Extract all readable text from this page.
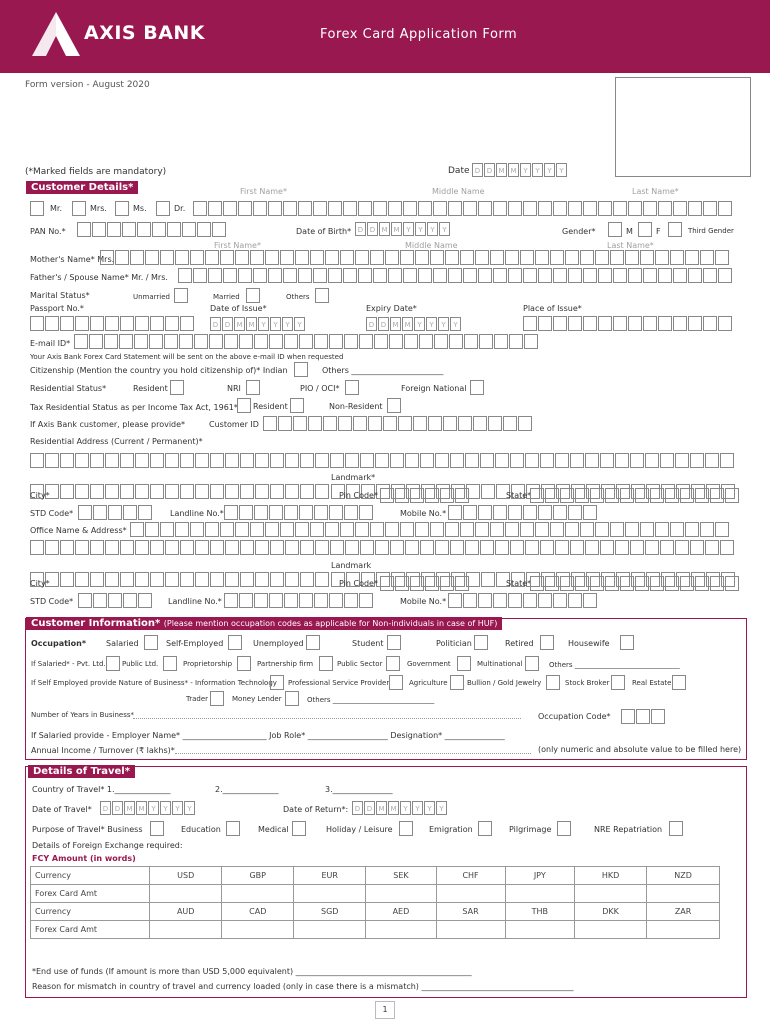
AXIS BANK	Forex Card Application Form
Form version - August 2020
(*Marked fields are mandatory)	Date D D M M Y Y Y Y
Customer Details*	First Name*	Middle Name	Last Name*
Mr.	Mrs.	Ms.	Dr.
PAN No.*	Date of Birth* D D M M Y Y Y Y	Gender*	M	F	Third Gender
First Name*	Middle Name	Last Name*
Mother's Name* Mrs.
Father's / Spouse Name* Mr. / Mrs.
Marital Status*	Unmarried	Married	Others
Passport No.*	Date of Issue*	Expiry Date*	Place of Issue*
D D M M Y Y Y Y	D D M M Y Y Y Y
E-mail ID*
Your Axis Bank Forex Card Statement will be sent on the above e-mail ID when requested
Citizenship (Mention the country you hold citizenship of)* Indian	Others _______________________
Residential Status*	Resident	NRI	PIO / OCI*	Foreign National
Tax Residential Status as per Income Tax Act, 1961* Resident	Non-Resident
If Axis Bank customer, please provide*	Customer ID
Residential Address (Current / Permanent)*
Landmark*
City*	Pin Code*	State*
STD Code*	Landline No.*	Mobile No.*
Office Name & Address*
Landmark
City*	Pin Code*	State*
STD Code*	Landline No.*	Mobile No.*
Customer Information* (Please mention occupation codes as applicable for Non-individuals in case of HUF)
Occupation* Salaried	Self-Employed	Unemployed	Student	Politician	Retired	Housewife
If Salaried* - Pvt. Ltd. Public Ltd.	Proprietorship	Partnership firm	Public Sector	Government	Multinational	Others ______________________________
If Self Employed provide Nature of Business* - Information Technology Professional Service Provider	Agriculture	Bullion / Gold Jewelry	Stock Broker	Real Estate
Trader	Money Lender	Others _____________________________
Number of Years in Business*	Occupation Code*
If Salaried provide - Employer Name* _____________________ Job Role* ____________________ Designation* _______________
Annual Income / Turnover (₹ lakhs)*	(only numeric and absolute value to be filled here)
Details of Travel*
Country of Travel* 1.______________	2.______________	3._______________
Date of Travel*	D D M M Y Y Y Y	Date of Return*: D D M M Y Y Y Y
Purpose of Travel* Business	Education	Medical	Holiday / Leisure	Emigration	Pilgrimage	NRE Repatriation
Details of Foreign Exchange required:
FCY Amount (in words)
Currency	USD	GBP	EUR	SEK	CHF	JPY	HKD	NZD
Forex Card Amt								
Currency	AUD	CAD	SGD	AED	SAR	THB	DKK	ZAR
Forex Card Amt								
*End use of funds (If amount is more than USD 5,000 equivalent) ____________________________________________
Reason for mismatch in country of travel and currency loaded (only in case there is a mismatch) ______________________________________
1
